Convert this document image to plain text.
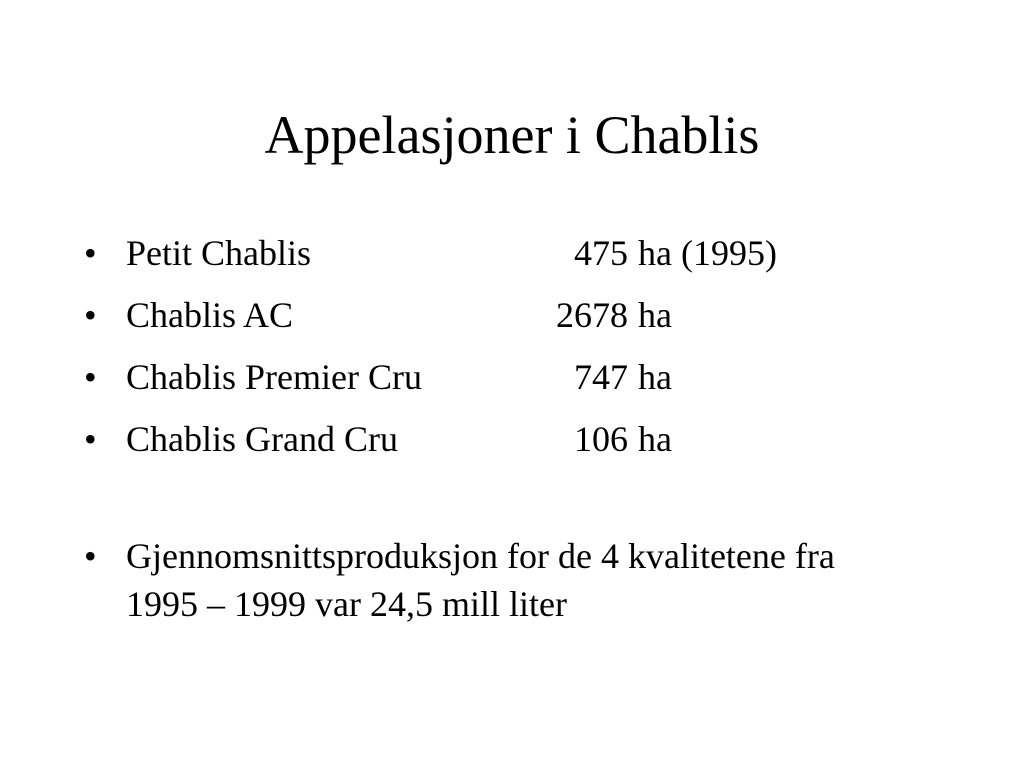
Appelasjoner i Chablis
• Petit Chablis	475 ha (1995)
• Chablis AC	2678 ha
• Chablis Premier Cru	747 ha
• Chablis Grand Cru	106 ha
• Gjennomsnittsproduksjon for de 4 kvalitetene fra 1995 – 1999 var 24,5 mill liter
